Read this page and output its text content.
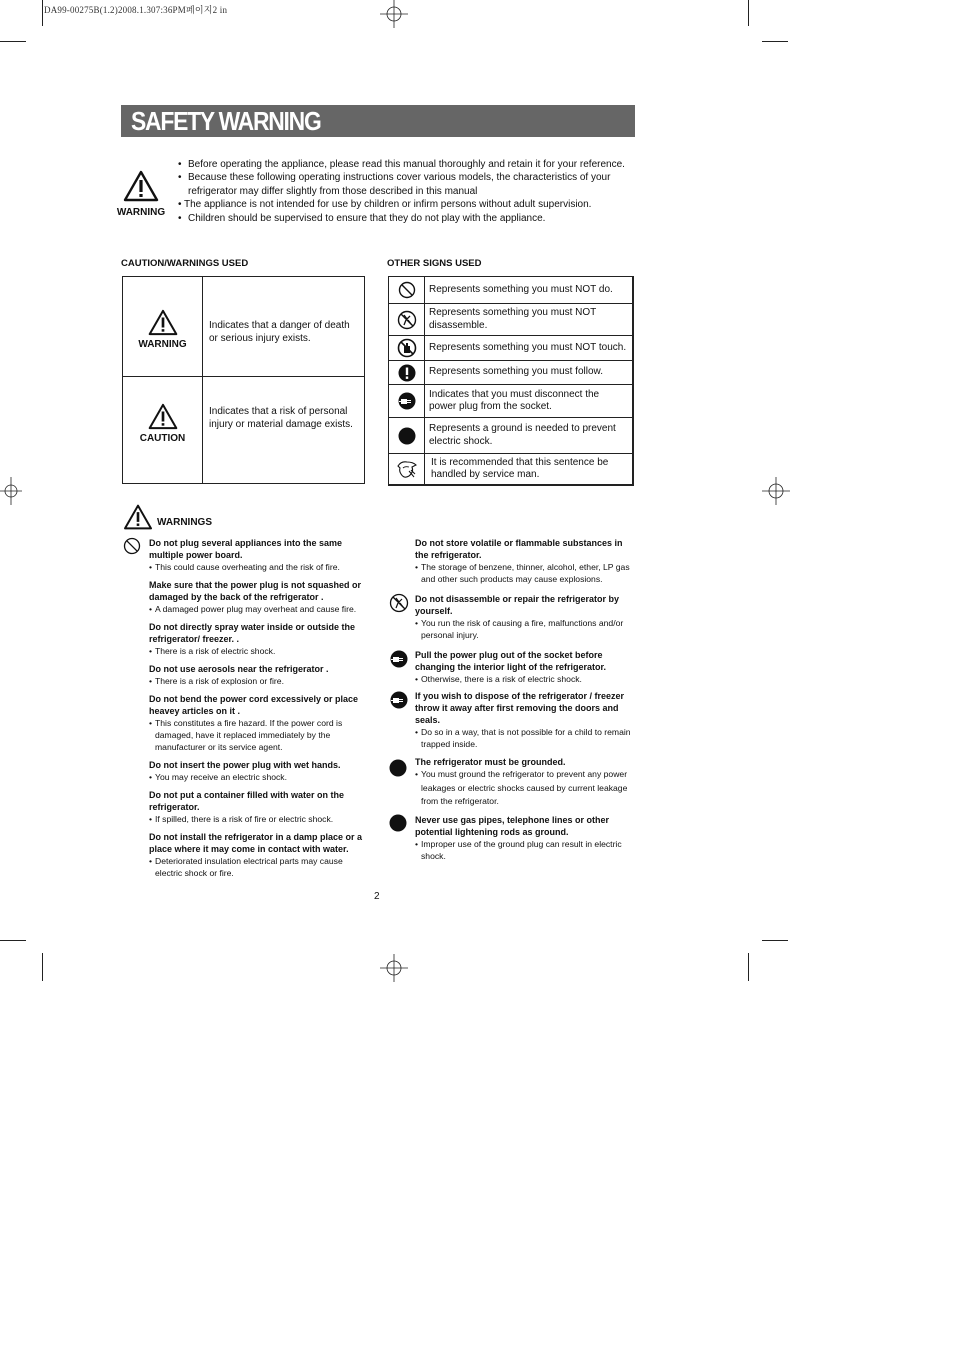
DA99-00275B(1.2)2008.1.307:36PM페이지2 in
SAFETY WARNING
WARNING
• Before operating the appliance, please read this manual thoroughly and retain it for your reference.
• Because these following operating instructions cover various models, the characteristics of your refrigerator may differ slightly from those described in this manual
• The appliance is not intended for use by children or infirm persons without adult supervision.
• Children should be supervised to ensure that they do not play with the appliance.
CAUTION/WARNINGS USED	OTHER SIGNS USED
WARNING
Indicates that a danger of death or serious injury exists.
CAUTION
Indicates that a risk of personal injury or material damage exists.
Represents something you must NOT do.
Represents something you must NOT disassemble.
Represents something you must NOT touch.
Represents something you must follow.
Indicates that you must disconnect the power plug from the socket.
Represents a ground is needed to prevent electric shock.
It is recommended that this sentence be handled by service man.
WARNINGS
Do not plug several appliances into the same multiple power board.
• This could cause overheating and the risk of fire.
Make sure that the power plug is not squashed or damaged by the back of the refrigerator .
• A damaged power plug may overheat and cause fire.
Do not directly spray water inside or outside the refrigerator/ freezer. .
• There is a risk of electric shock.
Do not use aerosols near the refrigerator .
• There is a risk of explosion or fire.
Do not bend the power cord excessively or place heavey articles on it .
• This constitutes a fire hazard. If the power cord is damaged, have it replaced immediately by the manufacturer or its service agent.
Do not insert the power plug with wet hands.
• You may receive an electric shock.
Do not put a container filled with water on the refrigerator.
• If spilled, there is a risk of fire or electric shock.
Do not install the refrigerator in a damp place or a place where it may come in contact with water.
• Deteriorated insulation electrical parts may cause electric shock or fire.
Do not store volatile or flammable substances in the refrigerator.
• The storage of benzene, thinner, alcohol, ether, LP gas and other such products may cause explosions.
Do not disassemble or repair the refrigerator by yourself.
• You run the risk of causing a fire, malfunctions and/or personal injury.
Pull the power plug out of the socket before changing the interior light of the refrigerator.
• Otherwise, there is a risk of electric shock.
If you wish to dispose of the refrigerator / freezer throw it away after first removing the doors and seals.
• Do so in a way, that is not possible for a child to remain trapped inside.
The refrigerator must be grounded.
• You must ground the refrigerator to prevent any power leakages or electric shocks caused by current leakage from the refrigerator.
Never use gas pipes, telephone lines or other potential lightening rods as ground.
• Improper use of the ground plug can result in electric shock.
2
